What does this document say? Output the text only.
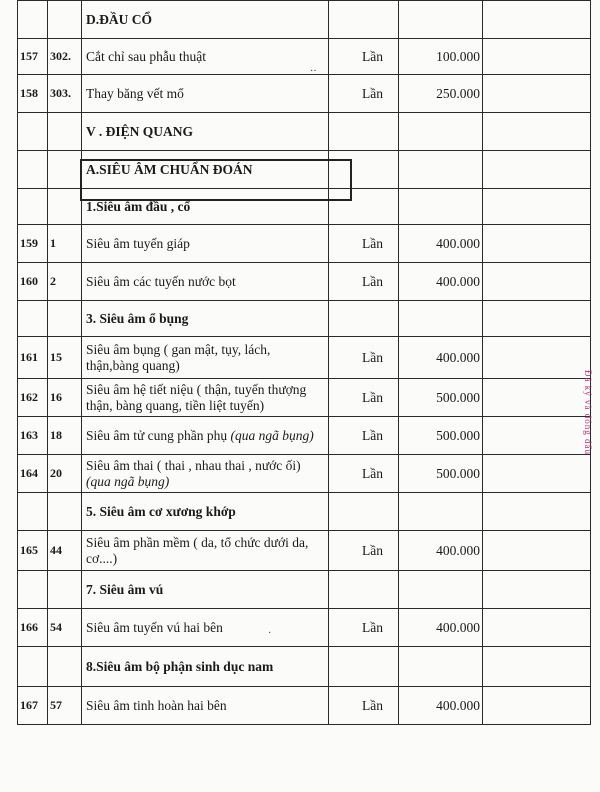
		D.ĐẦU CỔ			
157	302.	Cắt chỉ sau phẫu thuật	Lần	100.000	
158	303.	Thay băng vết mổ	Lần	250.000	
		V . ĐIỆN QUANG			
		A.SIÊU ÂM CHUẨN ĐOÁN			
		1.Siêu âm đầu , cổ			
159	1	Siêu âm tuyến giáp	Lần	400.000	
160	2	Siêu âm các tuyến nước bọt	Lần	400.000	
		3. Siêu âm ổ bụng			
161	15	Siêu âm bụng ( gan mật, tụy, lách, thận,bàng quang)	Lần	400.000	
162	16	Siêu âm hệ tiết niệu ( thận, tuyến thượng thận, bàng quang, tiền liệt tuyến)	Lần	500.000	
163	18	Siêu âm tử cung phần phụ (qua ngã bụng)	Lần	500.000	
164	20	Siêu âm thai ( thai , nhau thai , nước ối) (qua ngã bụng)	Lần	500.000	
		5. Siêu âm cơ xương khớp			
165	44	Siêu âm phần mềm ( da, tổ chức dưới da, cơ....)	Lần	400.000	
		7. Siêu âm vú			
166	54	Siêu âm tuyến vú hai bên	Lần	400.000	
		8.Siêu âm bộ phận sinh dục nam			
167	57	Siêu âm tinh hoàn hai bên	Lần	400.000	
Đã ký và đóng dấu
··
·
